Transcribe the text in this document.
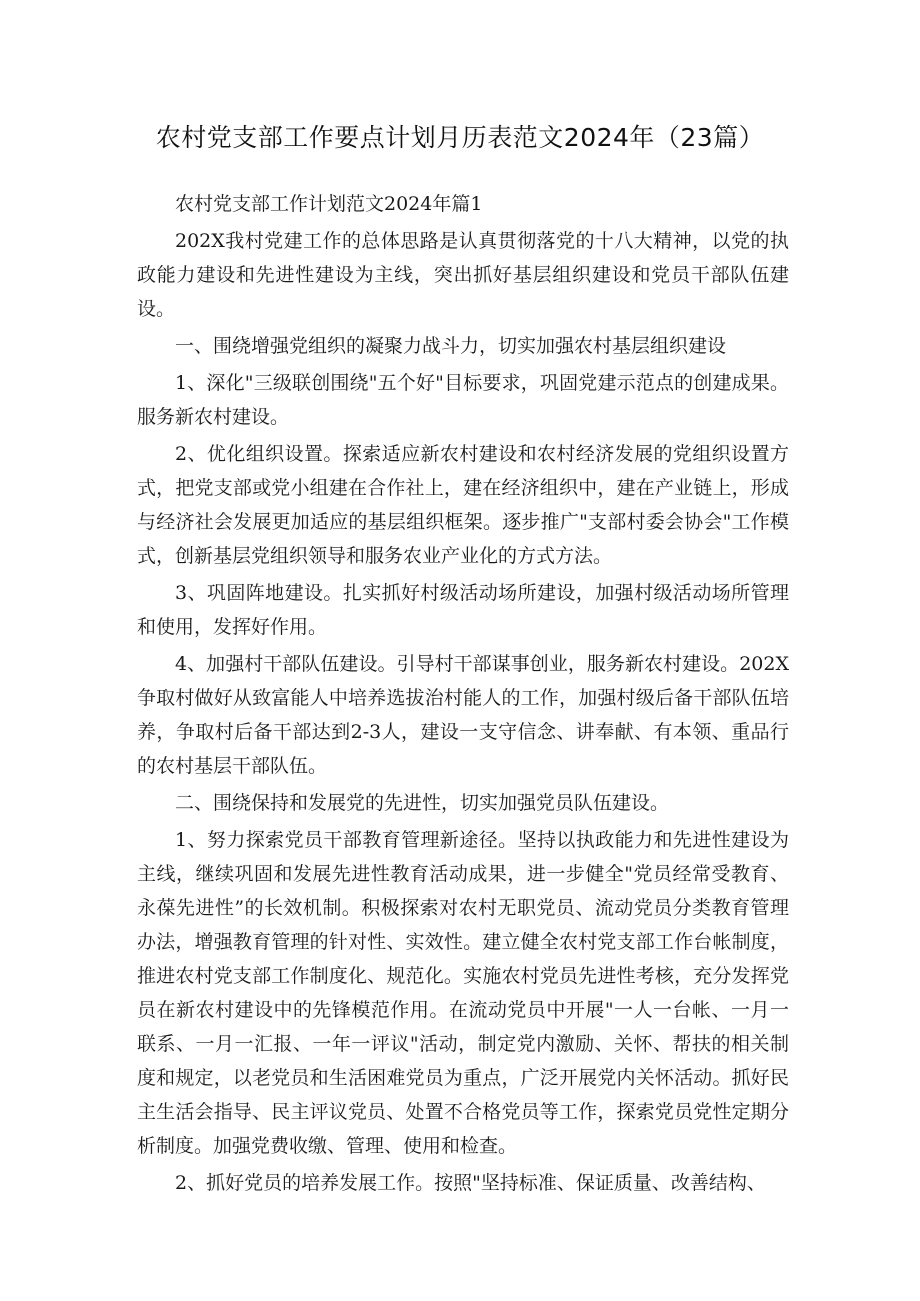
农村党支部工作要点计划月历表范文2024年（23篇）

农村党支部工作计划范文2024年篇1

202X我村党建工作的总体思路是认真贯彻落党的十八大精神，以党的执政能力建设和先进性建设为主线，突出抓好基层组织建设和党员干部队伍建设。

一、围绕增强党组织的凝聚力战斗力，切实加强农村基层组织建设

1、深化"三级联创围绕"五个好"目标要求，巩固党建示范点的创建成果。服务新农村建设。

2、优化组织设置。探索适应新农村建设和农村经济发展的党组织设置方式，把党支部或党小组建在合作社上，建在经济组织中，建在产业链上，形成与经济社会发展更加适应的基层组织框架。逐步推广"支部村委会协会"工作模式，创新基层党组织领导和服务农业产业化的方式方法。

3、巩固阵地建设。扎实抓好村级活动场所建设，加强村级活动场所管理和使用，发挥好作用。

4、加强村干部队伍建设。引导村干部谋事创业，服务新农村建设。202X争取村做好从致富能人中培养选拔治村能人的工作，加强村级后备干部队伍培养，争取村后备干部达到2-3人，建设一支守信念、讲奉献、有本领、重品行的农村基层干部队伍。

二、围绕保持和发展党的先进性，切实加强党员队伍建设。

1、努力探索党员干部教育管理新途径。坚持以执政能力和先进性建设为主线，继续巩固和发展先进性教育活动成果，进一步健全"党员经常受教育、永葆先进性”的长效机制。积极探索对农村无职党员、流动党员分类教育管理办法，增强教育管理的针对性、实效性。建立健全农村党支部工作台帐制度，推进农村党支部工作制度化、规范化。实施农村党员先进性考核，充分发挥党员在新农村建设中的先锋模范作用。在流动党员中开展"一人一台帐、一月一联系、一月一汇报、一年一评议"活动，制定党内激励、关怀、帮扶的相关制度和规定，以老党员和生活困难党员为重点，广泛开展党内关怀活动。抓好民主生活会指导、民主评议党员、处置不合格党员等工作，探索党员党性定期分析制度。加强党费收缴、管理、使用和检查。

2、抓好党员的培养发展工作。按照"坚持标准、保证质量、改善结构、
